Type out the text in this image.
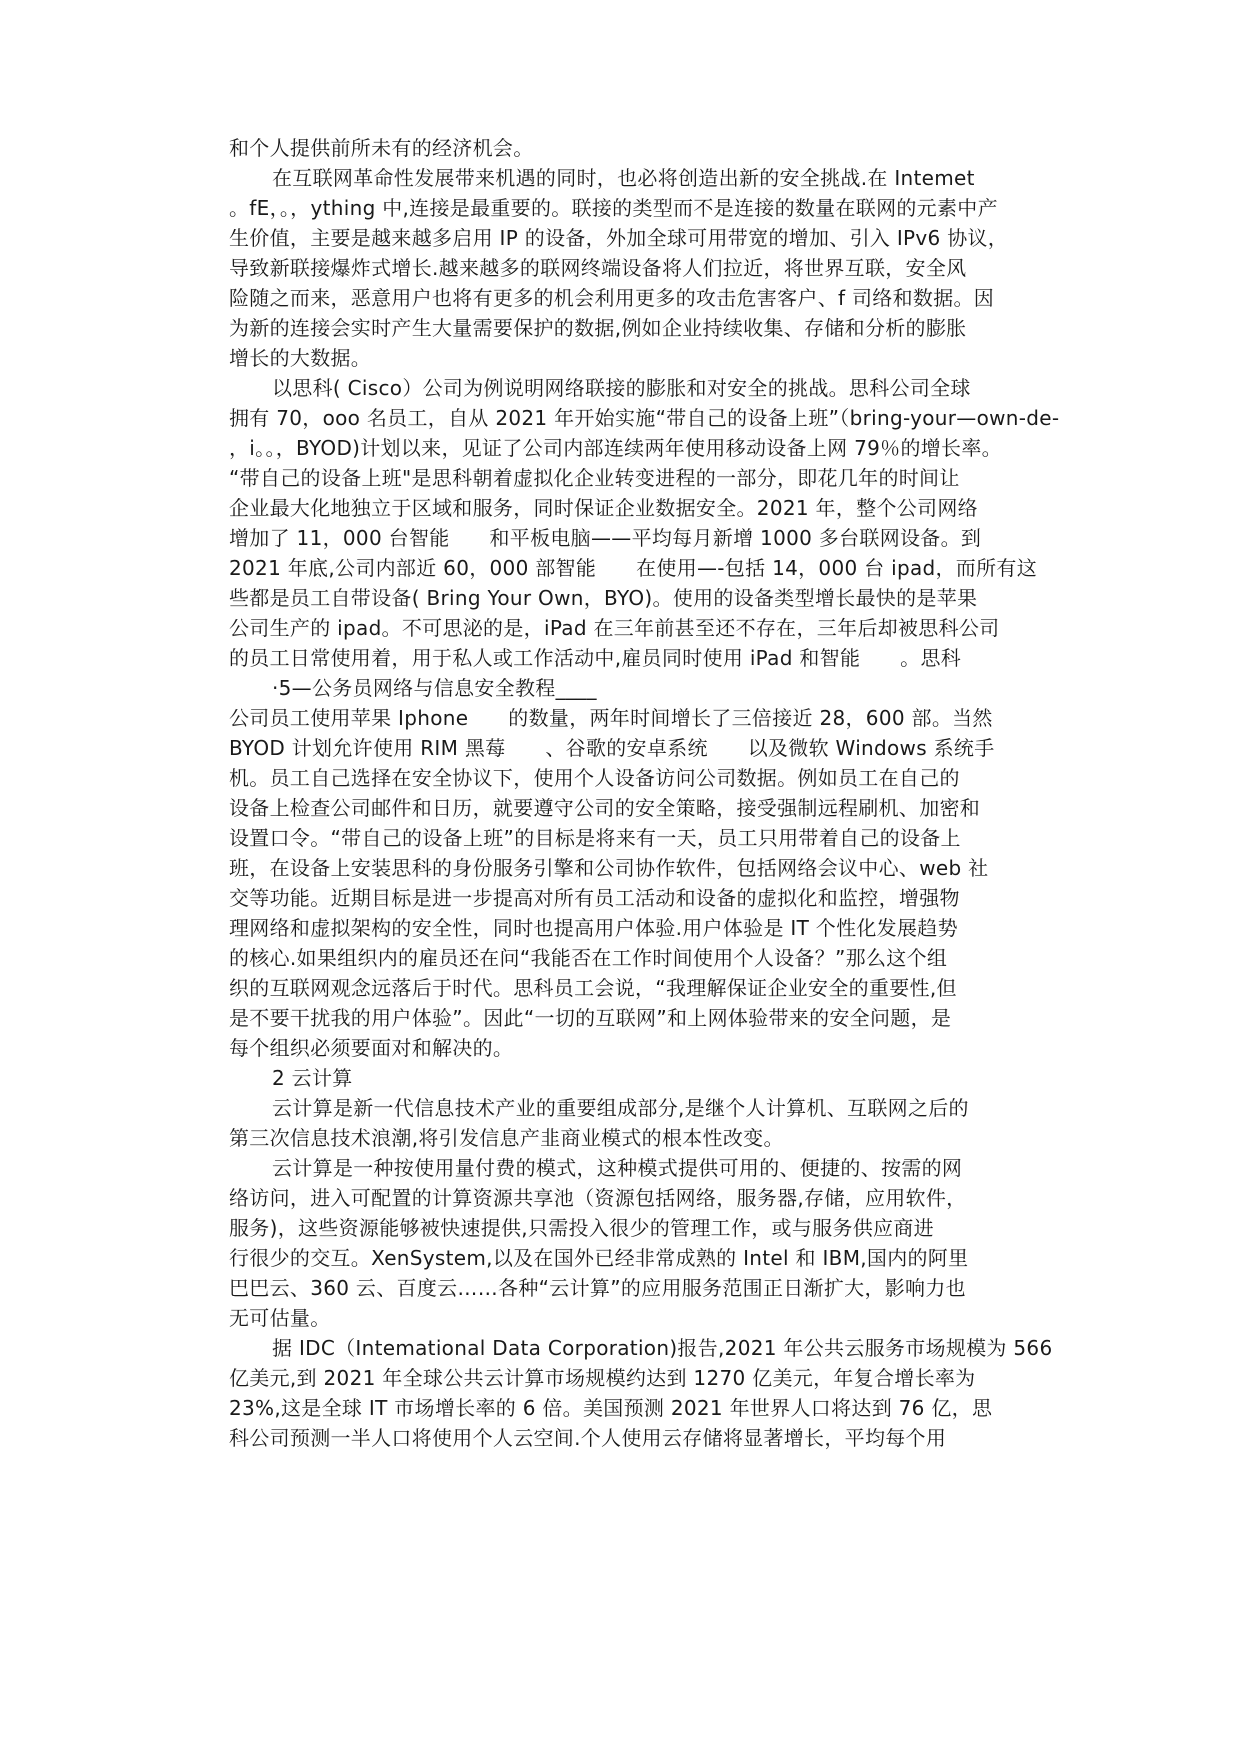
和个人提供前所未有的经济机会。
在互联网革命性发展带来机遇的同时，也必将创造出新的安全挑战.在 Intemet
。fE，。，ything 中,连接是最重要的。联接的类型而不是连接的数量在联网的元素中产
生价值，主要是越来越多启用 IP 的设备，外加全球可用带宽的增加、引入 IPv6 协议，
导致新联接爆炸式增长.越来越多的联网终端设备将人们拉近，将世界互联，安全风
险随之而来，恶意用户也将有更多的机会利用更多的攻击危害客户、f 司络和数据。因
为新的连接会实时产生大量需要保护的数据,例如企业持续收集、存储和分析的膨胀
增长的大数据。
以思科( Cisco）公司为例说明网络联接的膨胀和对安全的挑战。思科公司全球
拥有 70，ooo 名员工，自从 2021 年开始实施“带自己的设备上班”（bring-your—own-de-
，i。。，BYOD)计划以来，见证了公司内部连续两年使用移动设备上网 79％的增长率。
“带自己的设备上班"是思科朝着虚拟化企业转变进程的一部分，即花几年的时间让
企业最大化地独立于区域和服务，同时保证企业数据安全。2021 年，整个公司网络
增加了 11，000 台智能      和平板电脑——平均每月新增 1000 多台联网设备。到
2021 年底,公司内部近 60，000 部智能      在使用—-包括 14，000 台 ipad，而所有这
些都是员工自带设备( Bring Your Own，BYO)。使用的设备类型增长最快的是苹果
公司生产的 ipad。不可思泌的是，iPad 在三年前甚至还不存在，三年后却被思科公司
的员工日常使用着，用于私人或工作活动中,雇员同时使用 iPad 和智能      。思科
·5—公务员网络与信息安全教程____
公司员工使用苹果 Iphone      的数量，两年时间增长了三倍接近 28，600 部。当然
BYOD 计划允许使用 RIM 黑莓      、谷歌的安卓系统      以及微软 Windows 系统手
机。员工自己选择在安全协议下，使用个人设备访问公司数据。例如员工在自己的
设备上检查公司邮件和日历，就要遵守公司的安全策略，接受强制远程刷机、加密和
设置口令。“带自己的设备上班”的目标是将来有一天，员工只用带着自己的设备上
班，在设备上安装思科的身份服务引擎和公司协作软件，包括网络会议中心、web 社
交等功能。近期目标是进一步提高对所有员工活动和设备的虚拟化和监控，增强物
理网络和虚拟架构的安全性，同时也提高用户体验.用户体验是 IT 个性化发展趋势
的核心.如果组织内的雇员还在问“我能否在工作时间使用个人设备？”那么这个组
织的互联网观念远落后于时代。思科员工会说，“我理解保证企业安全的重要性,但
是不要干扰我的用户体验”。因此“一切的互联网”和上网体验带来的安全问题，是
每个组织必须要面对和解决的。
2 云计算
云计算是新一代信息技术产业的重要组成部分,是继个人计算机、互联网之后的
第三次信息技术浪潮,将引发信息产韭商业模式的根本性改变。
云计算是一种按使用量付费的模式，这种模式提供可用的、便捷的、按需的网
络访问，进入可配置的计算资源共享池（资源包括网络，服务器,存储，应用软件，
服务)，这些资源能够被快速提供,只需投入很少的管理工作，或与服务供应商进
行很少的交互。XenSystem,以及在国外已经非常成熟的 Intel 和 IBM,国内的阿里
巴巴云、360 云、百度云……各种“云计算”的应用服务范围正日渐扩大，影响力也
无可估量。
据 IDC（Intemational Data Corporation)报告,2021 年公共云服务市场规模为 566
亿美元,到 2021 年全球公共云计算市场规模约达到 1270 亿美元，年复合增长率为
23%,这是全球 IT 市场增长率的 6 倍。美国预测 2021 年世界人口将达到 76 亿，思
科公司预测一半人口将使用个人云空间.个人使用云存储将显著增长，平均每个用
